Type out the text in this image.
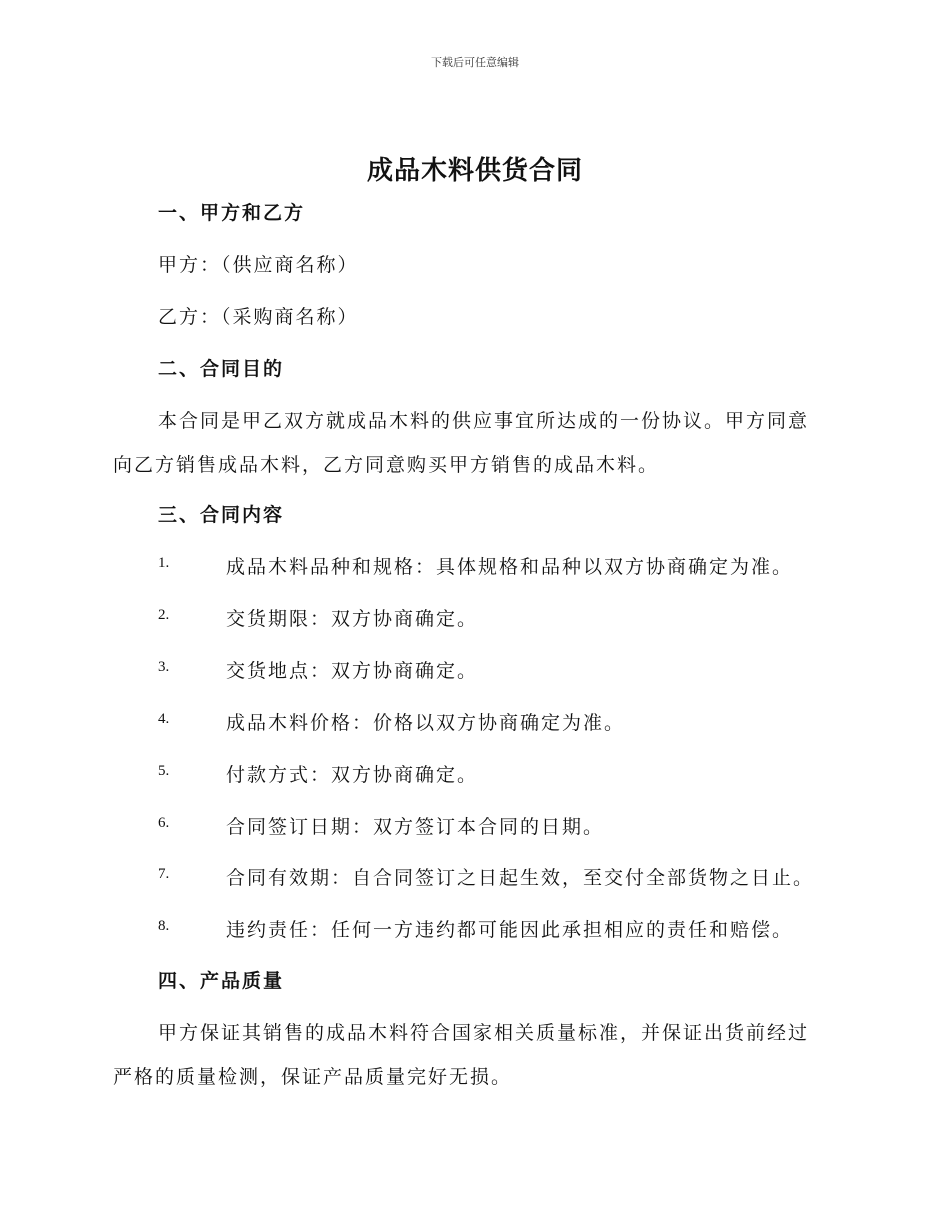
下载后可任意编辑
成品木料供货合同
一、甲方和乙方
甲方：（供应商名称）
乙方：（采购商名称）
二、合同目的
本合同是甲乙双方就成品木料的供应事宜所达成的一份协议。甲方同意
向乙方销售成品木料，乙方同意购买甲方销售的成品木料。
三、合同内容
1.	成品木料品种和规格：具体规格和品种以双方协商确定为准。
2.	交货期限：双方协商确定。
3.	交货地点：双方协商确定。
4.	成品木料价格：价格以双方协商确定为准。
5.	付款方式：双方协商确定。
6.	合同签订日期：双方签订本合同的日期。
7.	合同有效期：自合同签订之日起生效，至交付全部货物之日止。
8.	违约责任：任何一方违约都可能因此承担相应的责任和赔偿。
四、产品质量
甲方保证其销售的成品木料符合国家相关质量标准，并保证出货前经过
严格的质量检测，保证产品质量完好无损。
